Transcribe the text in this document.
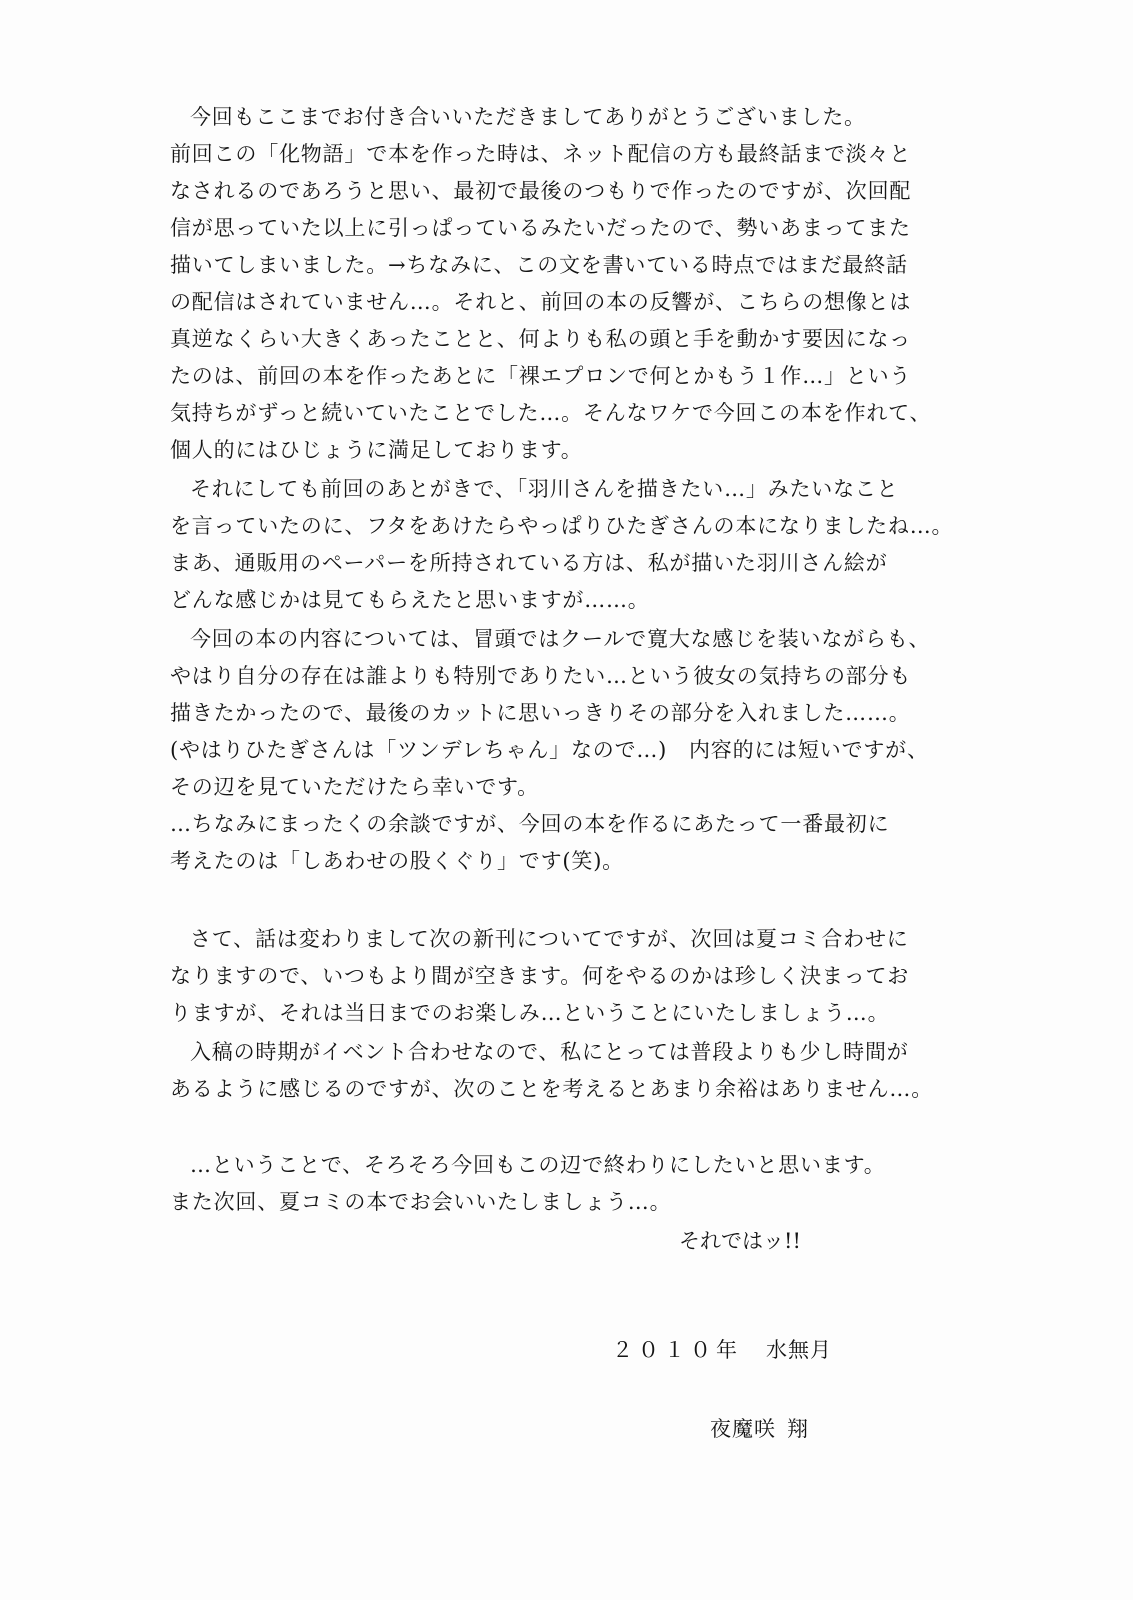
今回もここまでお付き合いいただきましてありがとうございました。
前回この「化物語」で本を作った時は、ネット配信の方も最終話まで淡々と
なされるのであろうと思い、最初で最後のつもりで作ったのですが、次回配
信が思っていた以上に引っぱっているみたいだったので、勢いあまってまた
描いてしまいました。→ちなみに、この文を書いている時点ではまだ最終話
の配信はされていません…。それと、前回の本の反響が、こちらの想像とは
真逆なくらい大きくあったことと、何よりも私の頭と手を動かす要因になっ
たのは、前回の本を作ったあとに「裸エプロンで何とかもう１作…」という
気持ちがずっと続いていたことでした…。そんなワケで今回この本を作れて、
個人的にはひじょうに満足しております。
それにしても前回のあとがきで、「羽川さんを描きたい…」みたいなこと
を言っていたのに、フタをあけたらやっぱりひたぎさんの本になりましたね…。
まあ、通販用のペーパーを所持されている方は、私が描いた羽川さん絵が
どんな感じかは見てもらえたと思いますが……。
今回の本の内容については、冒頭ではクールで寛大な感じを装いながらも、
やはり自分の存在は誰よりも特別でありたい…という彼女の気持ちの部分も
描きたかったので、最後のカットに思いっきりその部分を入れました……。
(やはりひたぎさんは「ツンデレちゃん」なので…)　内容的には短いですが、
その辺を見ていただけたら幸いです。
…ちなみにまったくの余談ですが、今回の本を作るにあたって一番最初に
考えたのは「しあわせの股くぐり」です(笑)。
さて、話は変わりまして次の新刊についてですが、次回は夏コミ合わせに
なりますので、いつもより間が空きます。何をやるのかは珍しく決まってお
りますが、それは当日までのお楽しみ…ということにいたしましょう…。
入稿の時期がイベント合わせなので、私にとっては普段よりも少し時間が
あるように感じるのですが、次のことを考えるとあまり余裕はありません…。
…ということで、そろそろ今回もこの辺で終わりにしたいと思います。
また次回、夏コミの本でお会いいたしましょう…。
それではッ!!
２０１０年 水無月
夜魔咲 翔
